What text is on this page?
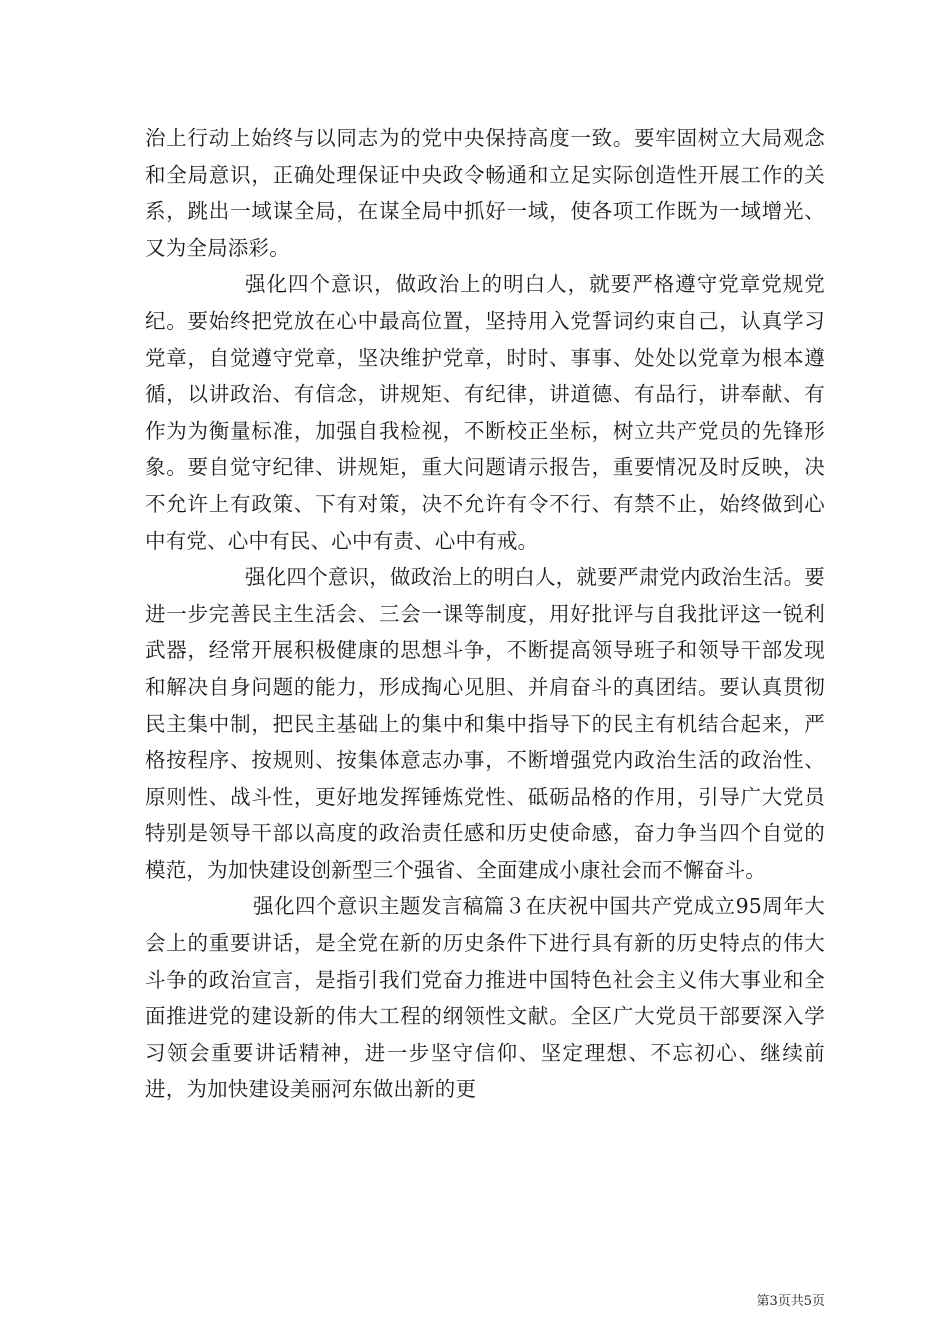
治上行动上始终与以同志为的党中央保持高度一致。要牢固树立大局观念和全局意识，正确处理保证中央政令畅通和立足实际创造性开展工作的关系，跳出一域谋全局，在谋全局中抓好一域，使各项工作既为一域增光、又为全局添彩。

强化四个意识，做政治上的明白人，就要严格遵守党章党规党纪。要始终把党放在心中最高位置，坚持用入党誓词约束自己，认真学习党章，自觉遵守党章，坚决维护党章，时时、事事、处处以党章为根本遵循，以讲政治、有信念，讲规矩、有纪律，讲道德、有品行，讲奉献、有作为为衡量标准，加强自我检视，不断校正坐标，树立共产党员的先锋形象。要自觉守纪律、讲规矩，重大问题请示报告，重要情况及时反映，决不允许上有政策、下有对策，决不允许有令不行、有禁不止，始终做到心中有党、心中有民、心中有责、心中有戒。

强化四个意识，做政治上的明白人，就要严肃党内政治生活。要进一步完善民主生活会、三会一课等制度，用好批评与自我批评这一锐利武器，经常开展积极健康的思想斗争，不断提高领导班子和领导干部发现和解决自身问题的能力，形成掏心见胆、并肩奋斗的真团结。要认真贯彻民主集中制，把民主基础上的集中和集中指导下的民主有机结合起来，严格按程序、按规则、按集体意志办事，不断增强党内政治生活的政治性、原则性、战斗性，更好地发挥锤炼党性、砥砺品格的作用，引导广大党员特别是领导干部以高度的政治责任感和历史使命感，奋力争当四个自觉的模范，为加快建设创新型三个强省、全面建成小康社会而不懈奋斗。

强化四个意识主题发言稿篇３在庆祝中国共产党成立95周年大会上的重要讲话，是全党在新的历史条件下进行具有新的历史特点的伟大斗争的政治宣言，是指引我们党奋力推进中国特色社会主义伟大事业和全面推进党的建设新的伟大工程的纲领性文献。全区广大党员干部要深入学习领会重要讲话精神，进一步坚守信仰、坚定理想、不忘初心、继续前进，为加快建设美丽河东做出新的更

第3页共5页
